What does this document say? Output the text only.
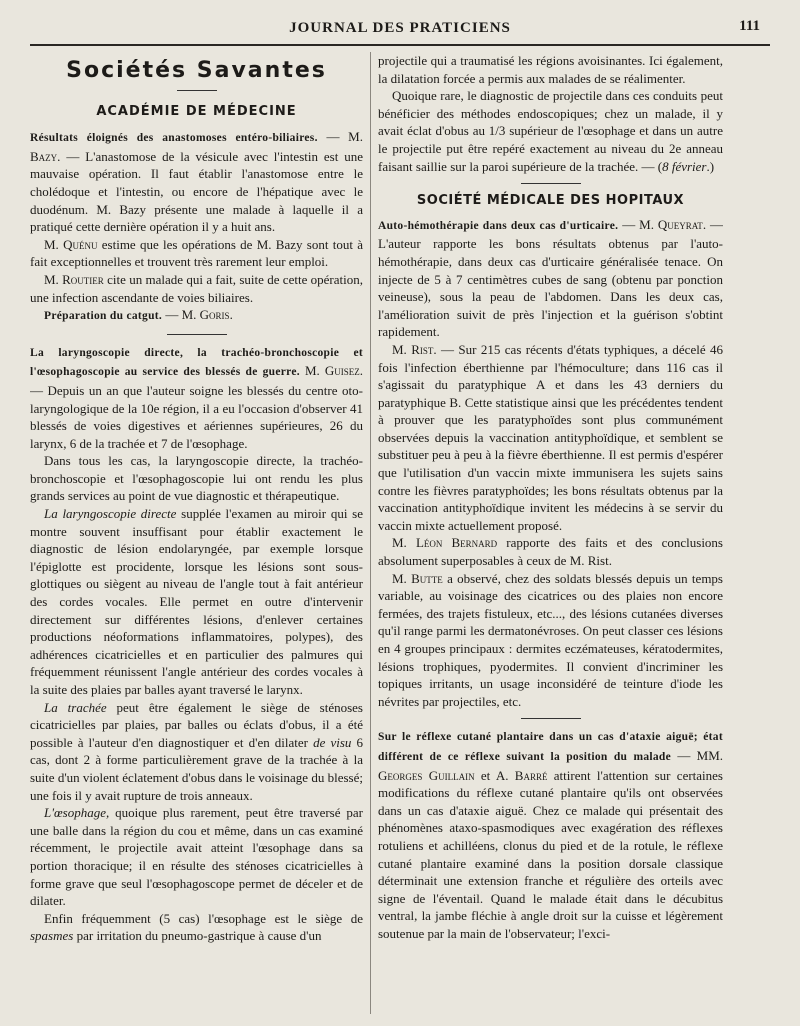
JOURNAL DES PRATICIENS	111
Sociétés Savantes
ACADÉMIE DE MÉDECINE

Résultats éloignés des anastomoses entéro-biliaires. — M. Bazy. — L'anastomose de la vésicule avec l'intestin est une mauvaise opération. Il faut établir l'anastomose entre le cholédoque et l'intestin, ou encore de l'hépatique avec le duodénum. M. Bazy présente une malade à laquelle il a pratiqué cette dernière opération il y a huit ans.

M. Quénu estime que les opérations de M. Bazy sont tout à fait exceptionnelles et trouvent très rarement leur emploi.

M. Routier cite un malade qui a fait, suite de cette opération, une infection ascendante de voies biliaires.

Préparation du catgut. — M. Goris.

La laryngoscopie directe, la trachéo-bronchoscopie et l'œsophagoscopie au service des blessés de guerre. M. Guisez. — Depuis un an que l'auteur soigne les blessés du centre oto-laryngologique de la 10e région, il a eu l'occasion d'observer 41 blessés de voies digestives et aériennes supérieures, 26 du larynx, 6 de la trachée et 7 de l'œsophage.

Dans tous les cas, la laryngoscopie directe, la trachéo-bronchoscopie et l'œsophagoscopie lui ont rendu les plus grands services au point de vue diagnostic et thérapeutique.

La laryngoscopie directe supplée l'examen au miroir qui se montre souvent insuffisant pour établir exactement le diagnostic de lésion endolaryngée, par exemple lorsque l'épiglotte est procidente, lorsque les lésions sont sous-glottiques ou siègent au niveau de l'angle tout à fait antérieur des cordes vocales. Elle permet en outre d'intervenir directement sur différentes lésions, d'enlever certaines productions néoformations inflammatoires, polypes), des adhérences cicatricielles et en particulier des palmures qui fréquemment réunissent l'angle antérieur des cordes vocales à la suite des plaies par balles ayant traversé le larynx.

La trachée peut être également le siège de sténoses cicatricielles par plaies, par balles ou éclats d'obus, il a été possible à l'auteur d'en diagnostiquer et d'en dilater de visu 6 cas, dont 2 à forme particulièrement grave de la trachée à la suite d'un violent éclatement d'obus dans le voisinage du blessé; une fois il y avait rupture de trois anneaux.

L'œsophage, quoique plus rarement, peut être traversé par une balle dans la région du cou et même, dans un cas examiné récemment, le projectile avait atteint l'œsophage dans sa portion thoracique; il en résulte des sténoses cicatricielles à forme grave que seul l'œsophagoscope permet de déceler et de dilater.

Enfin fréquemment (5 cas) l'œsophage est le siège de spasmes par irritation du pneumo-gastrique à cause d'un

projectile qui a traumatisé les régions avoisinantes. Ici également, la dilatation forcée a permis aux malades de se réalimenter.

Quoique rare, le diagnostic de projectile dans ces conduits peut bénéficier des méthodes endoscopiques; chez un malade, il y avait éclat d'obus au 1/3 supérieur de l'œsophage et dans un autre le projectile put être repéré exactement au niveau du 2e anneau faisant saillie sur la paroi supérieure de la trachée. — (8 février.)

SOCIÉTÉ MÉDICALE DES HOPITAUX

Auto-hémothérapie dans deux cas d'urticaire. — M. Queyrat. — L'auteur rapporte les bons résultats obtenus par l'auto-hémothérapie, dans deux cas d'urticaire généralisée tenace. On injecte de 5 à 7 centimètres cubes de sang (obtenu par ponction veineuse), sous la peau de l'abdomen. Dans les deux cas, l'amélioration suivit de près l'injection et la guérison s'obtint rapidement.

M. Rist. — Sur 215 cas récents d'états typhiques, a décelé 46 fois l'infection éberthienne par l'hémoculture; dans 116 cas il s'agissait du paratyphique A et dans les 43 derniers du paratyphique B. Cette statistique ainsi que les précédentes tendent à prouver que les paratyphoïdes sont plus communément observées depuis la vaccination antityphoïdique, et semblent se substituer peu à peu à la fièvre éberthienne. Il est permis d'espérer que l'utilisation d'un vaccin mixte immunisera les sujets sains contre les fièvres paratyphoïdes; les bons résultats obtenus par la vaccination antityphoïdique invitent les médecins à se servir du vaccin mixte actuellement proposé.

M. Léon Bernard rapporte des faits et des conclusions absolument superposables à ceux de M. Rist.

M. Butte a observé, chez des soldats blessés depuis un temps variable, au voisinage des cicatrices ou des plaies non encore fermées, des trajets fistuleux, etc..., des lésions cutanées diverses qu'il range parmi les dermatonévroses. On peut classer ces lésions en 4 groupes principaux : dermites eczémateuses, kératodermites, lésions trophiques, pyodermites. Il convient d'incriminer les topiques irritants, un usage inconsidéré de teinture d'iode les névrites par projectiles, etc.

Sur le réflexe cutané plantaire dans un cas d'ataxie aiguë; état différent de ce réflexe suivant la position du malade — MM. Georges Guillain et A. Barré attirent l'attention sur certaines modifications du réflexe cutané plantaire qu'ils ont observées dans un cas d'ataxie aiguë. Chez ce malade qui présentait des phénomènes ataxo-spasmodiques avec exagération des réflexes rotuliens et achilléens, clonus du pied et de la rotule, le réflexe cutané plantaire examiné dans la position dorsale classique déterminait une extension franche et régulière des orteils avec signe de l'éventail. Quand le malade était dans le décubitus ventral, la jambe fléchie à angle droit sur la cuisse et légèrement soutenue par la main de l'observateur; l'exci-
